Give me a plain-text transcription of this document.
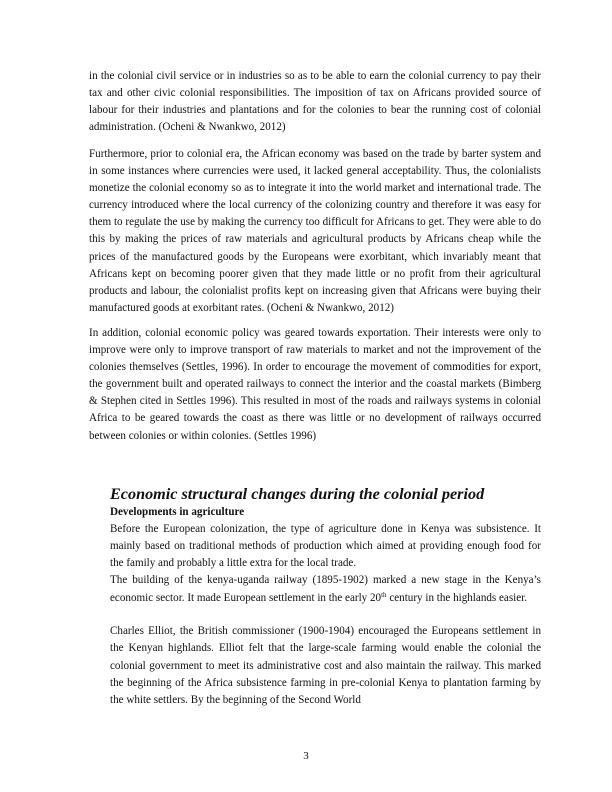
in the colonial civil service or in industries so as to be able to earn the colonial currency to pay their tax and other civic colonial responsibilities. The imposition of tax on Africans provided source of labour for their industries and plantations and for the colonies to bear the running cost of colonial administration. (Ocheni & Nwankwo, 2012)

Furthermore, prior to colonial era, the African economy was based on the trade by barter system and in some instances where currencies were used, it lacked general acceptability. Thus, the colonialists monetize the colonial economy so as to integrate it into the world market and international trade. The currency introduced where the local currency of the colonizing country and therefore it was easy for them to regulate the use by making the currency too difficult for Africans to get. They were able to do this by making the prices of raw materials and agricultural products by Africans cheap while the prices of the manufactured goods by the Europeans were exorbitant, which invariably meant that Africans kept on becoming poorer given that they made little or no profit from their agricultural products and labour, the colonialist profits kept on increasing given that Africans were buying their manufactured goods at exorbitant rates. (Ocheni & Nwankwo, 2012)

In addition, colonial economic policy was geared towards exportation. Their interests were only to improve were only to improve transport of raw materials to market and not the improvement of the colonies themselves (Settles, 1996). In order to encourage the movement of commodities for export, the government built and operated railways to connect the interior and the coastal markets (Bimberg & Stephen cited in Settles 1996). This resulted in most of the roads and railways systems in colonial Africa to be geared towards the coast as there was little or no development of railways occurred between colonies or within colonies. (Settles 1996)

Economic structural changes during the colonial period
Developments in agriculture

Before the European colonization, the type of agriculture done in Kenya was subsistence. It mainly based on traditional methods of production which aimed at providing enough food for the family and probably a little extra for the local trade.

The building of the kenya-uganda railway (1895-1902) marked a new stage in the Kenya’s economic sector. It made European settlement in the early 20th century in the highlands easier.

Charles Elliot, the British commissioner (1900-1904) encouraged the Europeans settlement in the Kenyan highlands. Elliot felt that the large-scale farming would enable the colonial the colonial government to meet its administrative cost and also maintain the railway. This marked the beginning of the Africa subsistence farming in pre-colonial Kenya to plantation farming by the white settlers. By the beginning of the Second World

3
